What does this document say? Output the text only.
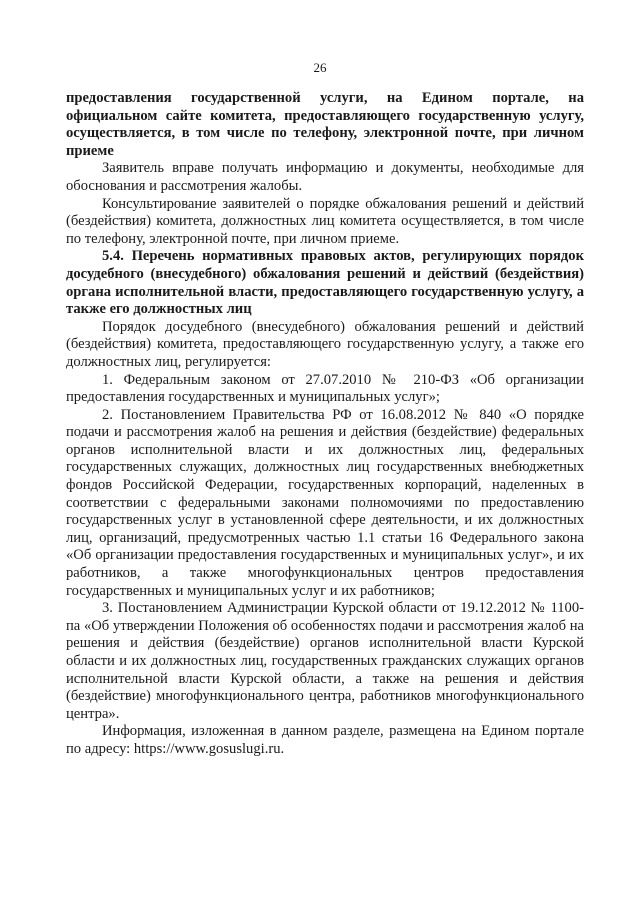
26

предоставления государственной услуги, на Едином портале, на официальном сайте комитета, предоставляющего государственную услугу, осуществляется, в том числе по телефону, электронной почте, при личном приеме

Заявитель вправе получать информацию и документы, необходимые для обоснования и рассмотрения жалобы.

Консультирование заявителей о порядке обжалования решений и действий (бездействия) комитета, должностных лиц комитета осуществляется, в том числе по телефону, электронной почте, при личном приеме.

5.4. Перечень нормативных правовых актов, регулирующих порядок досудебного (внесудебного) обжалования решений и действий (бездействия) органа исполнительной власти, предоставляющего государственную услугу, а также его должностных лиц

Порядок досудебного (внесудебного) обжалования решений и действий (бездействия) комитета, предоставляющего государственную услугу, а также его должностных лиц, регулируется:

1. Федеральным законом от 27.07.2010 № 210-ФЗ «Об организации предоставления государственных и муниципальных услуг»;

2. Постановлением Правительства РФ от 16.08.2012 № 840 «О порядке подачи и рассмотрения жалоб на решения и действия (бездействие) федеральных органов исполнительной власти и их должностных лиц, федеральных государственных служащих, должностных лиц государственных внебюджетных фондов Российской Федерации, государственных корпораций, наделенных в соответствии с федеральными законами полномочиями по предоставлению государственных услуг в установленной сфере деятельности, и их должностных лиц, организаций, предусмотренных частью 1.1 статьи 16 Федерального закона «Об организации предоставления государственных и муниципальных услуг», и их работников, а также многофункциональных центров предоставления государственных и муниципальных услуг и их работников;

3. Постановлением Администрации Курской области от 19.12.2012 № 1100-па «Об утверждении Положения об особенностях подачи и рассмотрения жалоб на решения и действия (бездействие) органов исполнительной власти Курской области и их должностных лиц, государственных гражданских служащих органов исполнительной власти Курской области, а также на решения и действия (бездействие) многофункционального центра, работников многофункционального центра».

Информация, изложенная в данном разделе, размещена на Едином портале по адресу: https://www.gosuslugi.ru.
